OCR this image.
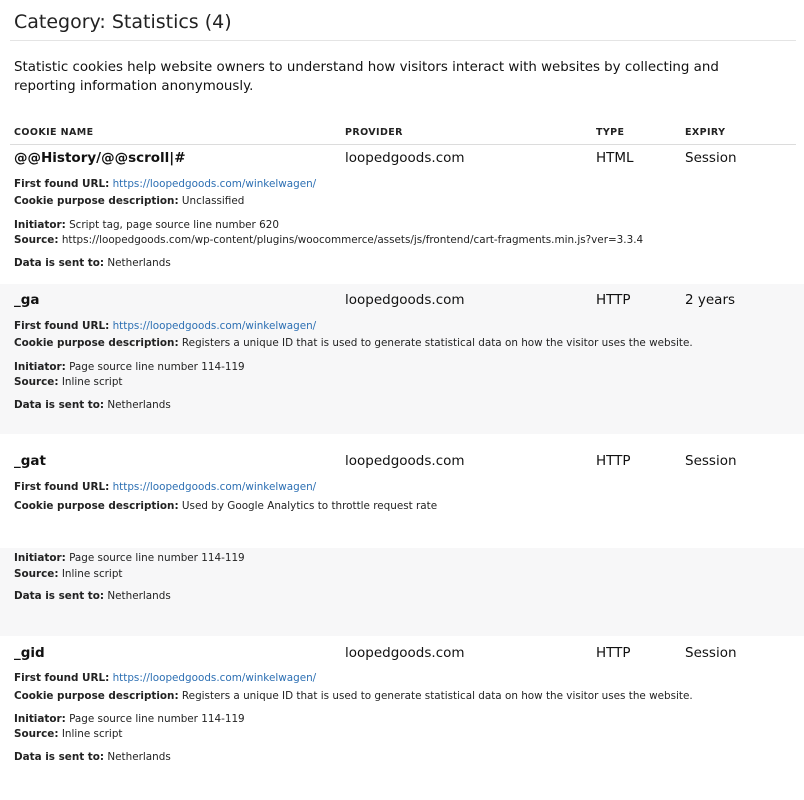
Category: Statistics (4)

Statistic cookies help website owners to understand how visitors interact with websites by collecting and reporting information anonymously.

COOKIE NAME	PROVIDER	TYPE	EXPIRY
@@History/@@scroll|#	loopedgoods.com	HTML	Session
First found URL: https://loopedgoods.com/winkelwagen/
Cookie purpose description: Unclassified
Initiator: Script tag, page source line number 620
Source: https://loopedgoods.com/wp-content/plugins/woocommerce/assets/js/frontend/cart-fragments.min.js?ver=3.3.4
Data is sent to: Netherlands
_ga	loopedgoods.com	HTTP	2 years
First found URL: https://loopedgoods.com/winkelwagen/
Cookie purpose description: Registers a unique ID that is used to generate statistical data on how the visitor uses the website.
Initiator: Page source line number 114-119
Source: Inline script
Data is sent to: Netherlands
_gat	loopedgoods.com	HTTP	Session
First found URL: https://loopedgoods.com/winkelwagen/
Cookie purpose description: Used by Google Analytics to throttle request rate
Initiator: Page source line number 114-119
Source: Inline script
Data is sent to: Netherlands
_gid	loopedgoods.com	HTTP	Session
First found URL: https://loopedgoods.com/winkelwagen/
Cookie purpose description: Registers a unique ID that is used to generate statistical data on how the visitor uses the website.
Initiator: Page source line number 114-119
Source: Inline script
Data is sent to: Netherlands
